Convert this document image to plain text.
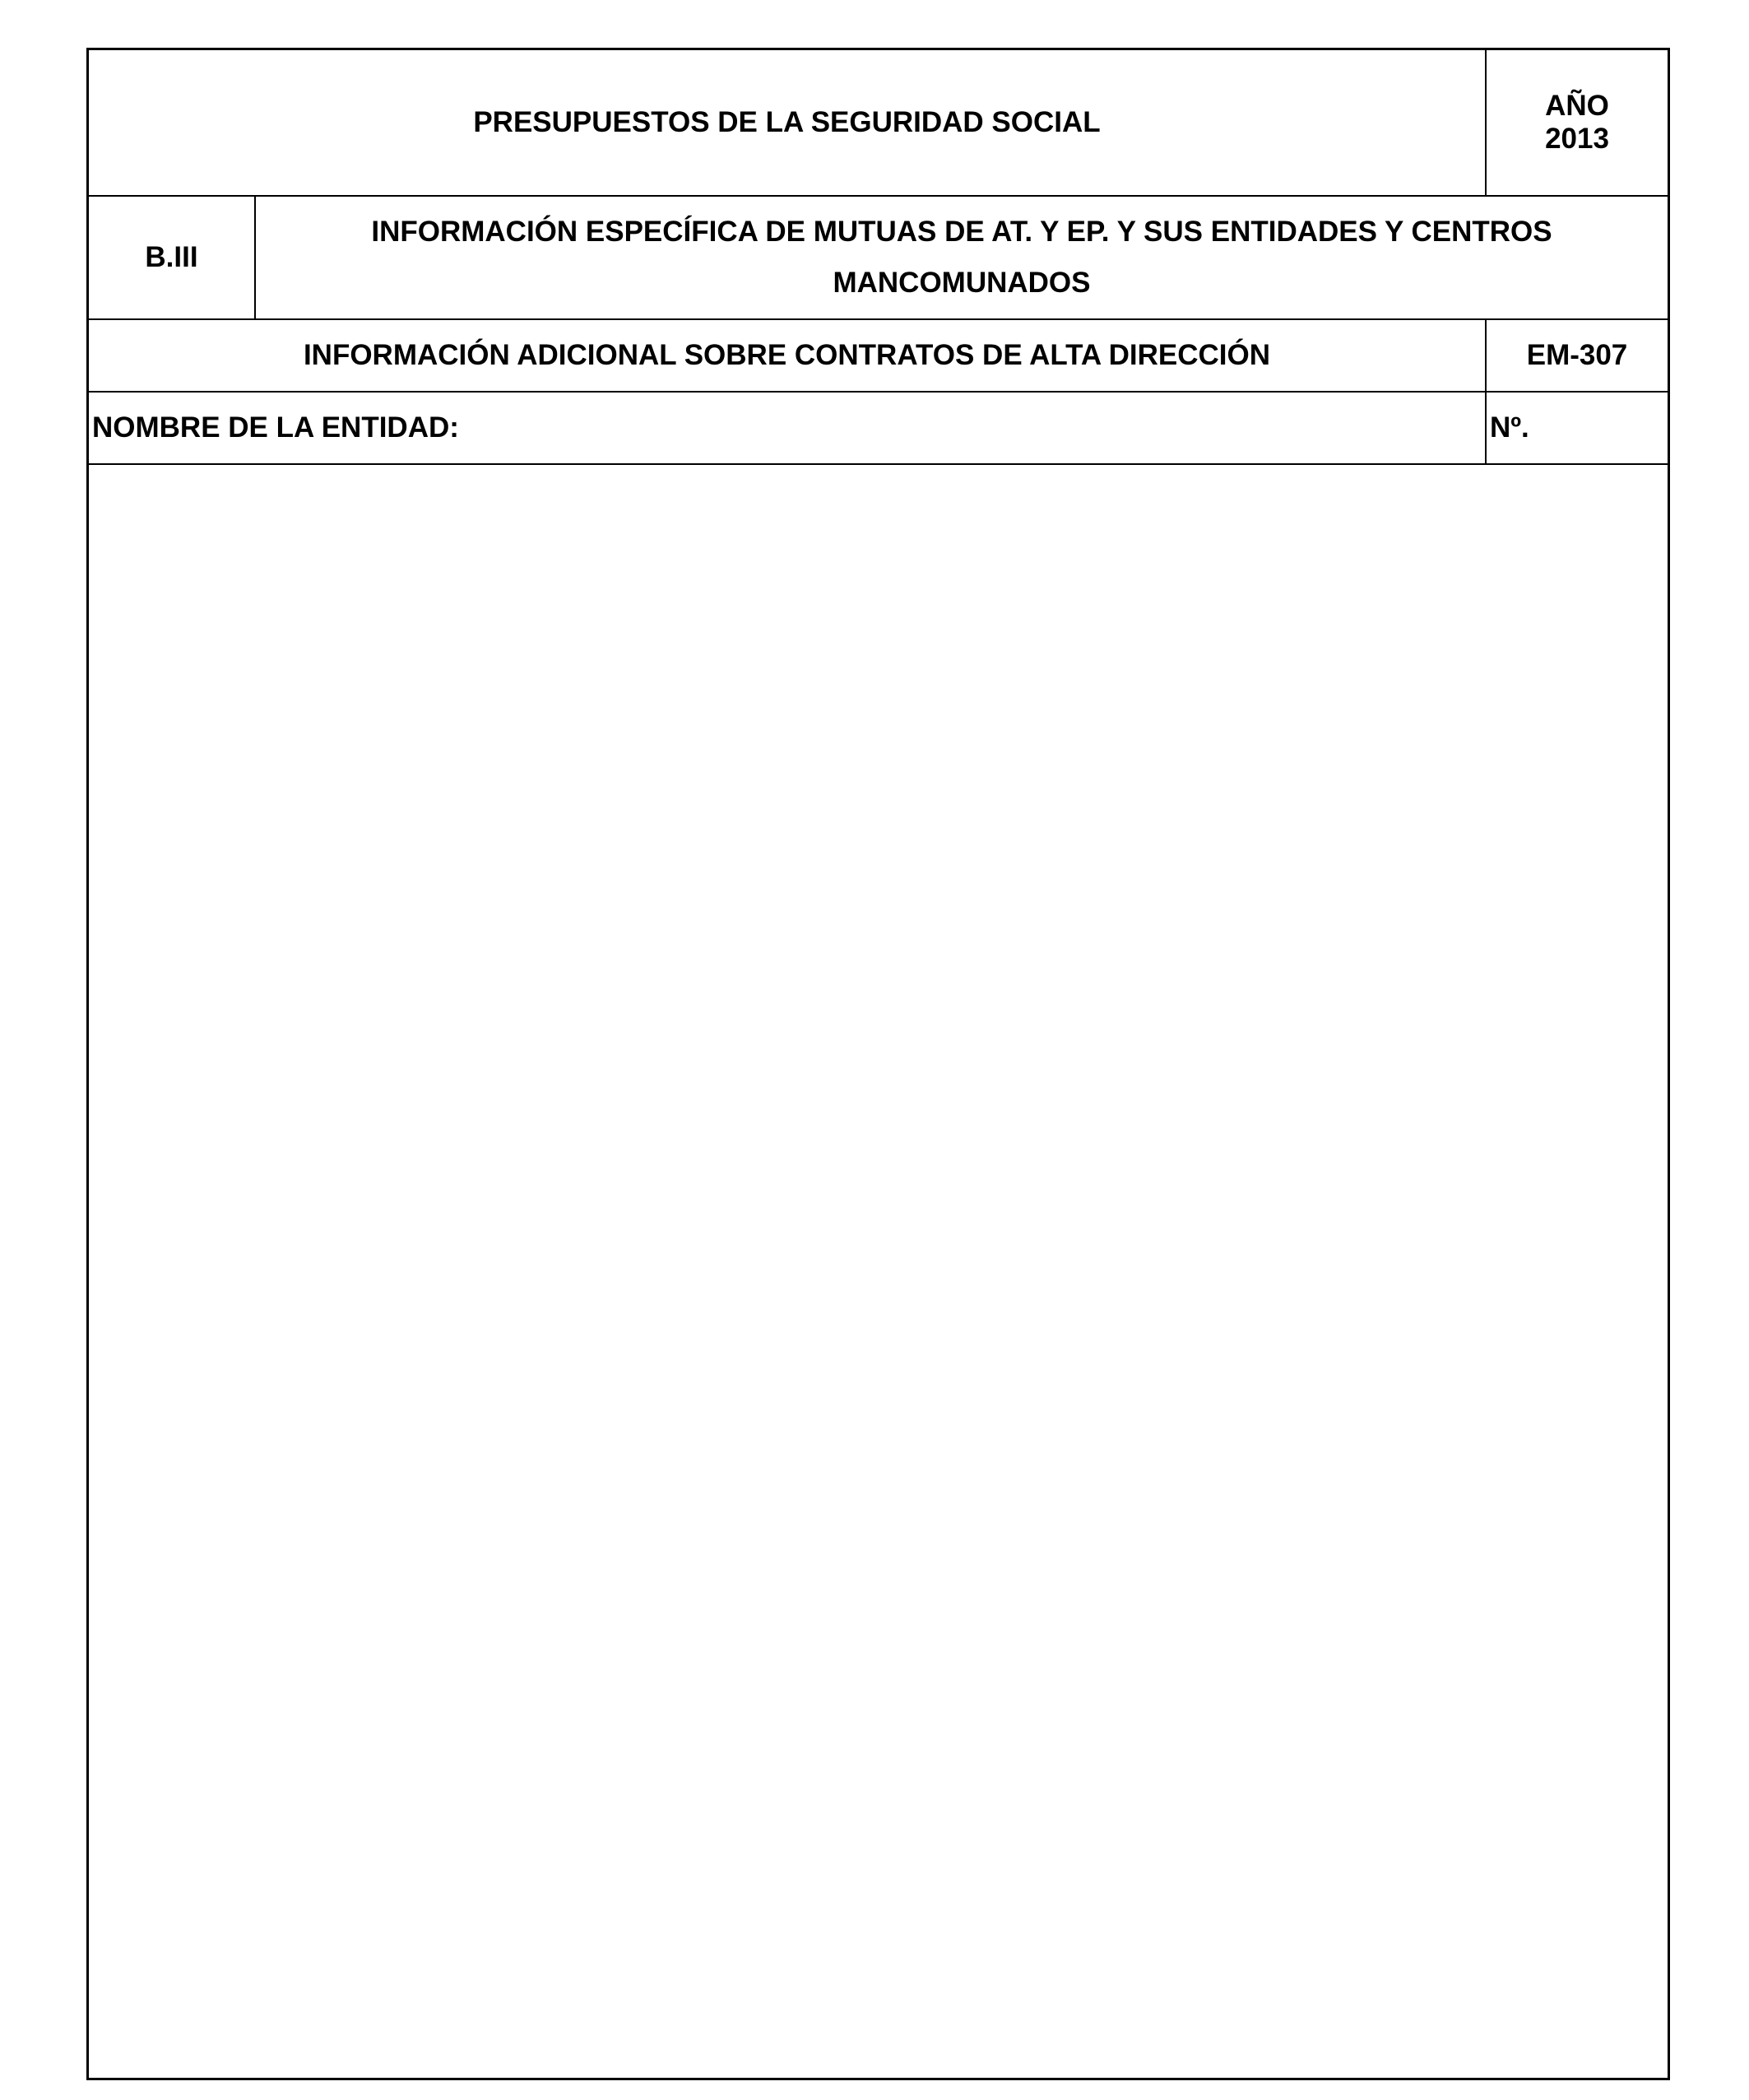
PRESUPUESTOS DE LA SEGURIDAD SOCIAL
AÑO
2013
B.III
INFORMACIÓN ESPECÍFICA DE MUTUAS DE AT. Y EP. Y SUS ENTIDADES Y CENTROS MANCOMUNADOS
INFORMACIÓN ADICIONAL SOBRE CONTRATOS DE ALTA DIRECCIÓN	EM-307
NOMBRE DE LA ENTIDAD:	Nº.
